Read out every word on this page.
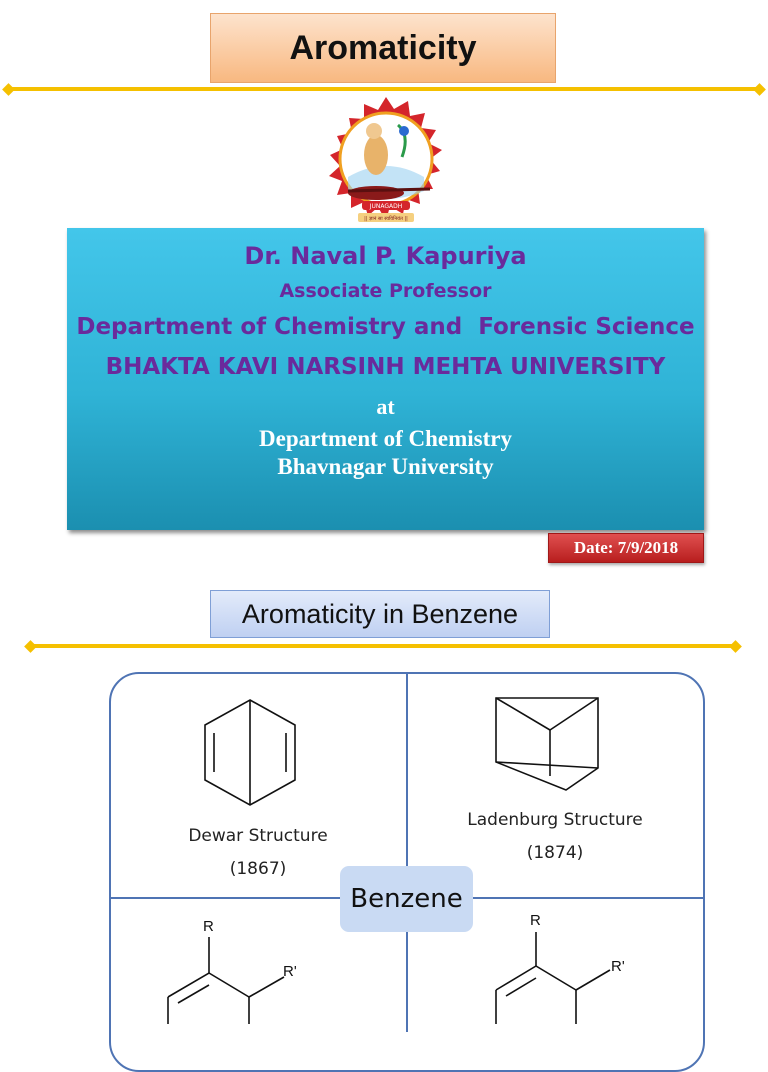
Aromaticity
JUNAGADH
|| ज्ञानं सा स्वविनियंत ||
Dr. Naval P. Kapuriya
Associate Professor
Department of Chemistry and  Forensic Science
BHAKTA KAVI NARSINH MEHTA UNIVERSITY
at
Department of Chemistry
Bhavnagar University
Date: 7/9/2018
Aromaticity in Benzene
Dewar Structure
(1867)
Ladenburg Structure
(1874)
Benzene
R
R'
R
R'
